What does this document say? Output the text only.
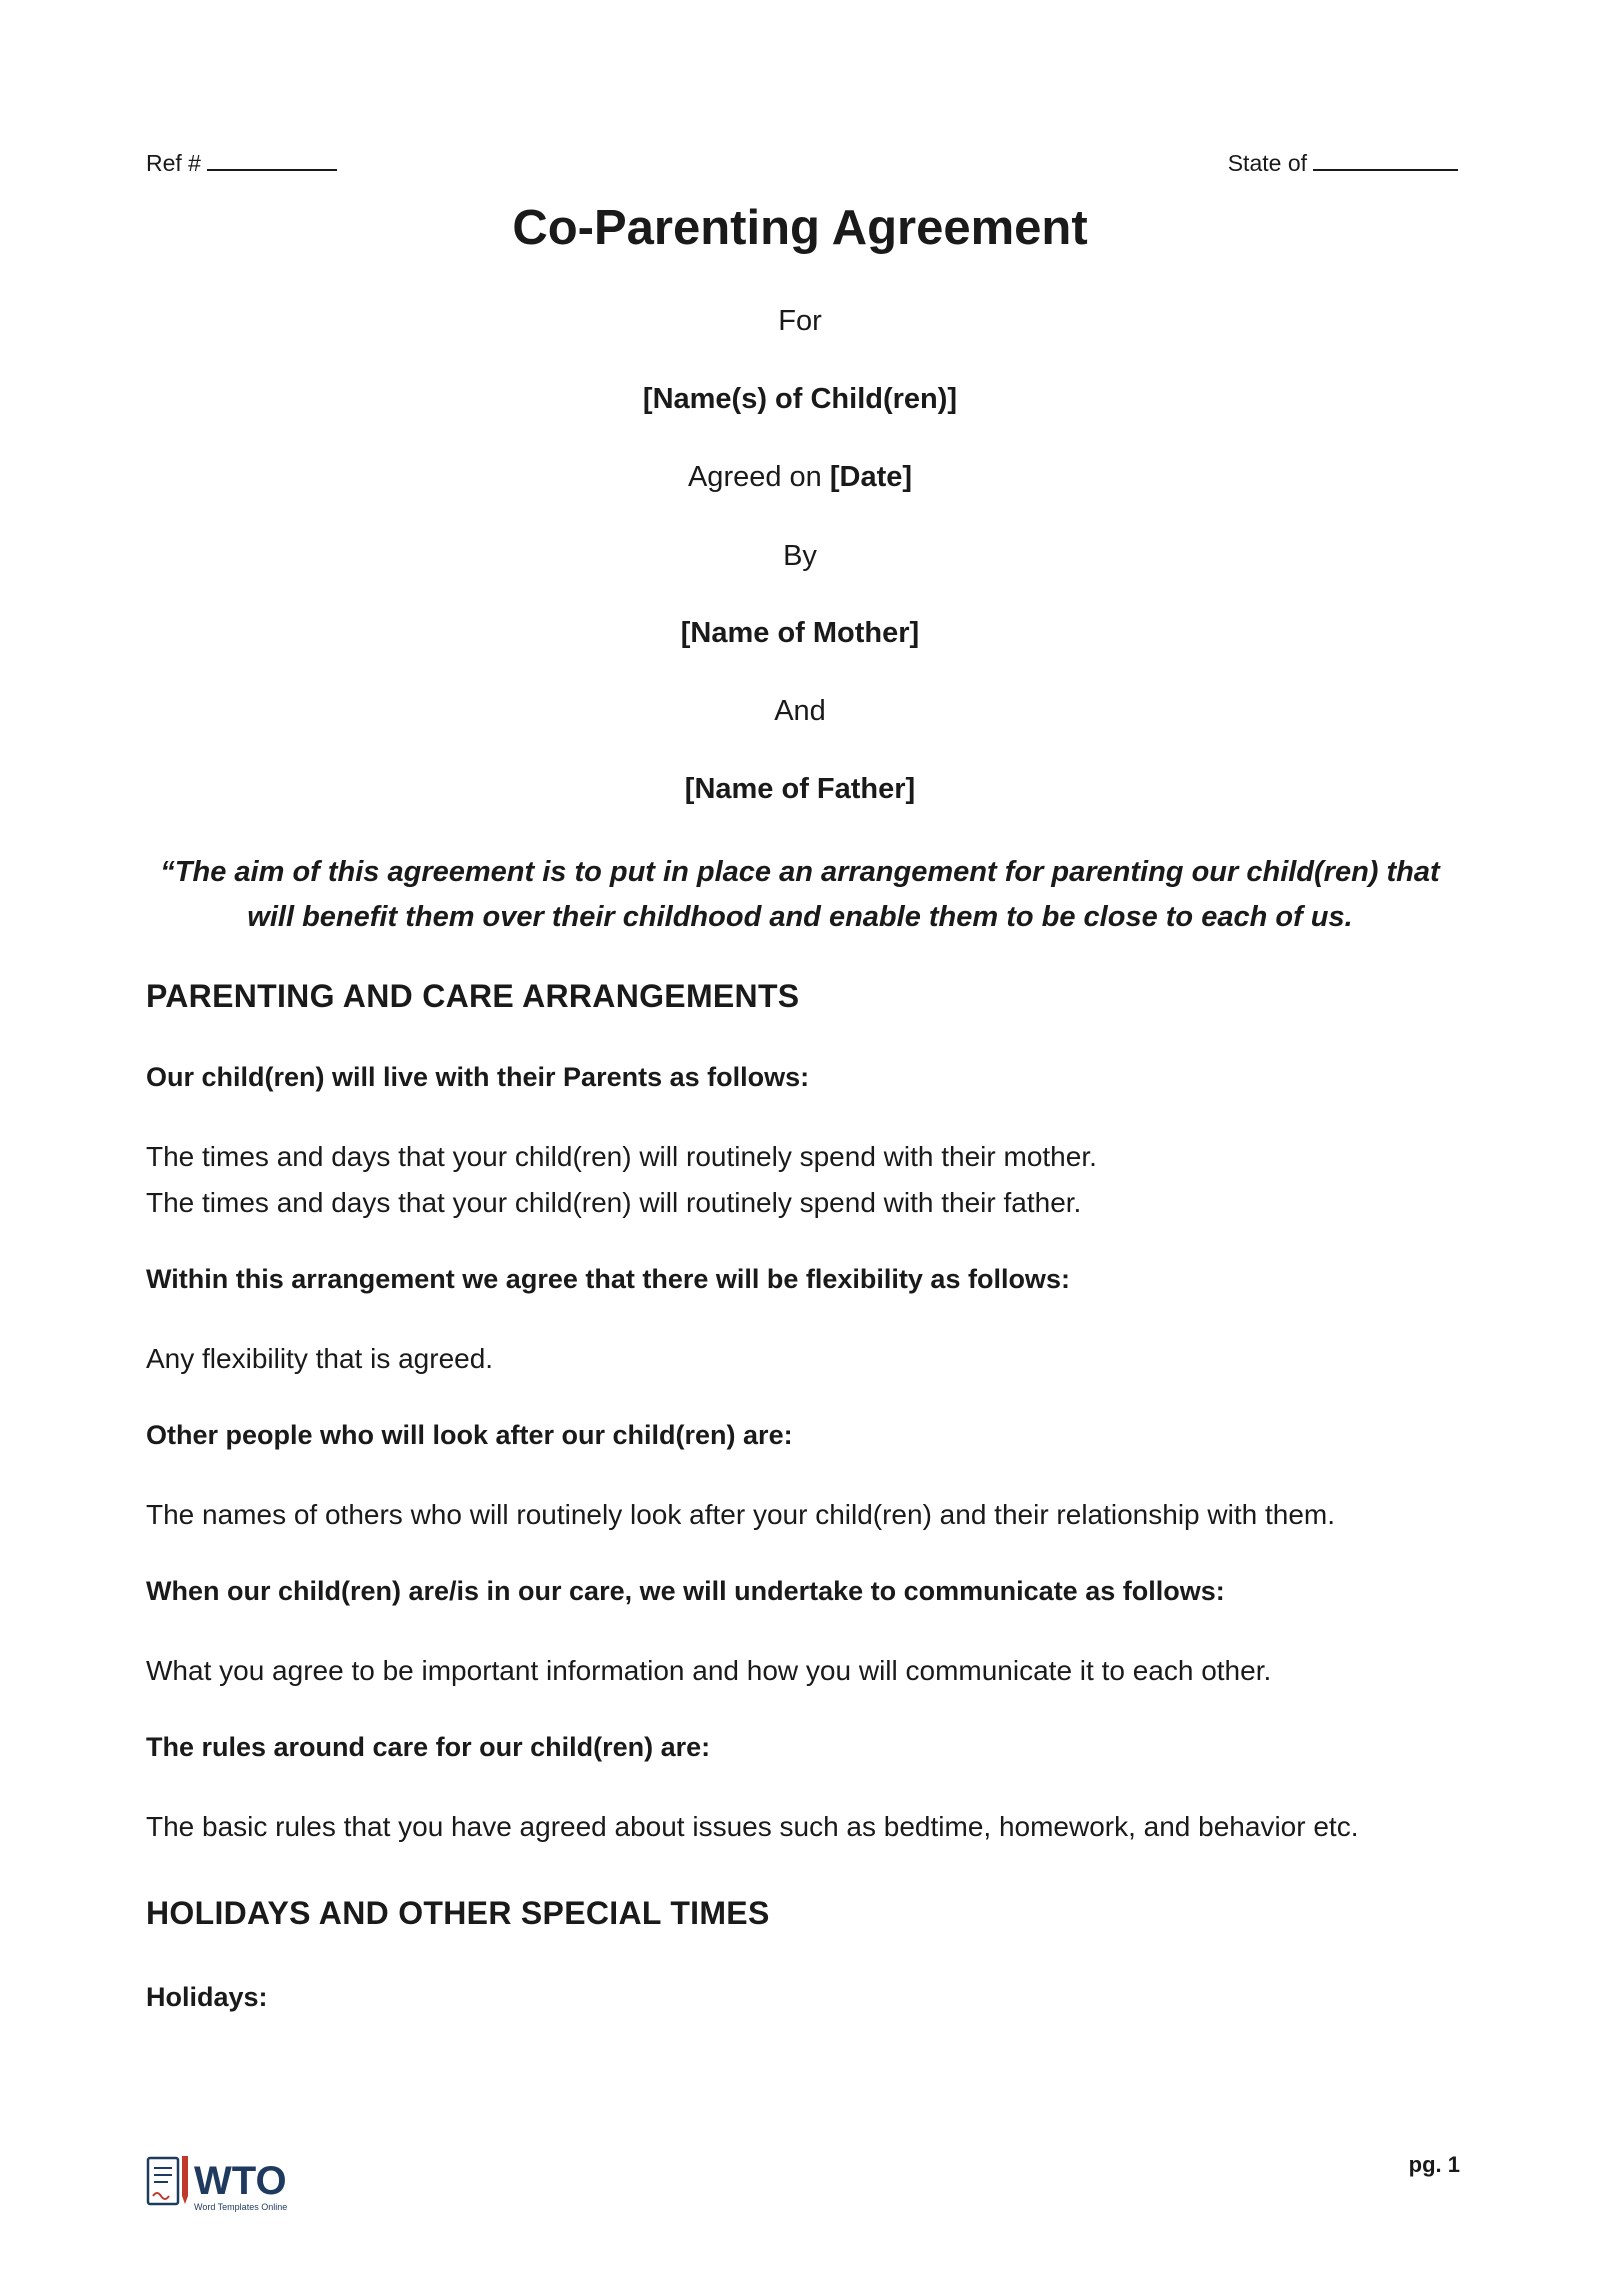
Ref #	State of
Co-Parenting Agreement
For
[Name(s) of Child(ren)]
Agreed on [Date]
By
[Name of Mother]
And
[Name of Father]
“The aim of this agreement is to put in place an arrangement for parenting our child(ren) that will benefit them over their childhood and enable them to be close to each of us.
PARENTING AND CARE ARRANGEMENTS
Our child(ren) will live with their Parents as follows:
The times and days that your child(ren) will routinely spend with their mother.
The times and days that your child(ren) will routinely spend with their father.
Within this arrangement we agree that there will be flexibility as follows:
Any flexibility that is agreed.
Other people who will look after our child(ren) are:
The names of others who will routinely look after your child(ren) and their relationship with them.
When our child(ren) are/is in our care, we will undertake to communicate as follows:
What you agree to be important information and how you will communicate it to each other.
The rules around care for our child(ren) are:
The basic rules that you have agreed about issues such as bedtime, homework, and behavior etc.
HOLIDAYS AND OTHER SPECIAL TIMES
Holidays:
WTO
Word Templates Online
pg. 1
